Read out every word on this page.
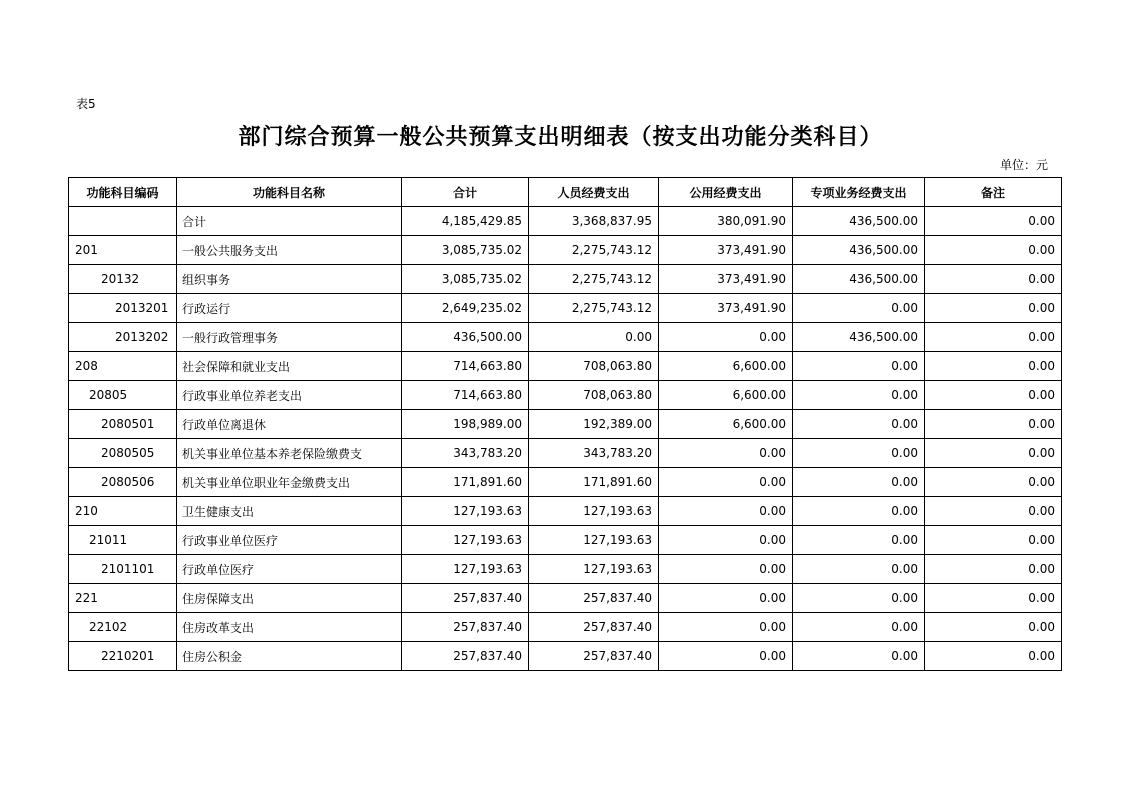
表5
部门综合预算一般公共预算支出明细表（按支出功能分类科目）
单位：元
功能科目编码	功能科目名称	合计	人员经费支出	公用经费支出	专项业务经费支出	备注
	合计	4,185,429.85	3,368,837.95	380,091.90	436,500.00	0.00
201	一般公共服务支出	3,085,735.02	2,275,743.12	373,491.90	436,500.00	0.00
20132	组织事务	3,085,735.02	2,275,743.12	373,491.90	436,500.00	0.00
2013201	行政运行	2,649,235.02	2,275,743.12	373,491.90	0.00	0.00
2013202	一般行政管理事务	436,500.00	0.00	0.00	436,500.00	0.00
208	社会保障和就业支出	714,663.80	708,063.80	6,600.00	0.00	0.00
20805	行政事业单位养老支出	714,663.80	708,063.80	6,600.00	0.00	0.00
2080501	行政单位离退休	198,989.00	192,389.00	6,600.00	0.00	0.00
2080505	机关事业单位基本养老保险缴费支	343,783.20	343,783.20	0.00	0.00	0.00
2080506	机关事业单位职业年金缴费支出	171,891.60	171,891.60	0.00	0.00	0.00
210	卫生健康支出	127,193.63	127,193.63	0.00	0.00	0.00
21011	行政事业单位医疗	127,193.63	127,193.63	0.00	0.00	0.00
2101101	行政单位医疗	127,193.63	127,193.63	0.00	0.00	0.00
221	住房保障支出	257,837.40	257,837.40	0.00	0.00	0.00
22102	住房改革支出	257,837.40	257,837.40	0.00	0.00	0.00
2210201	住房公积金	257,837.40	257,837.40	0.00	0.00	0.00
